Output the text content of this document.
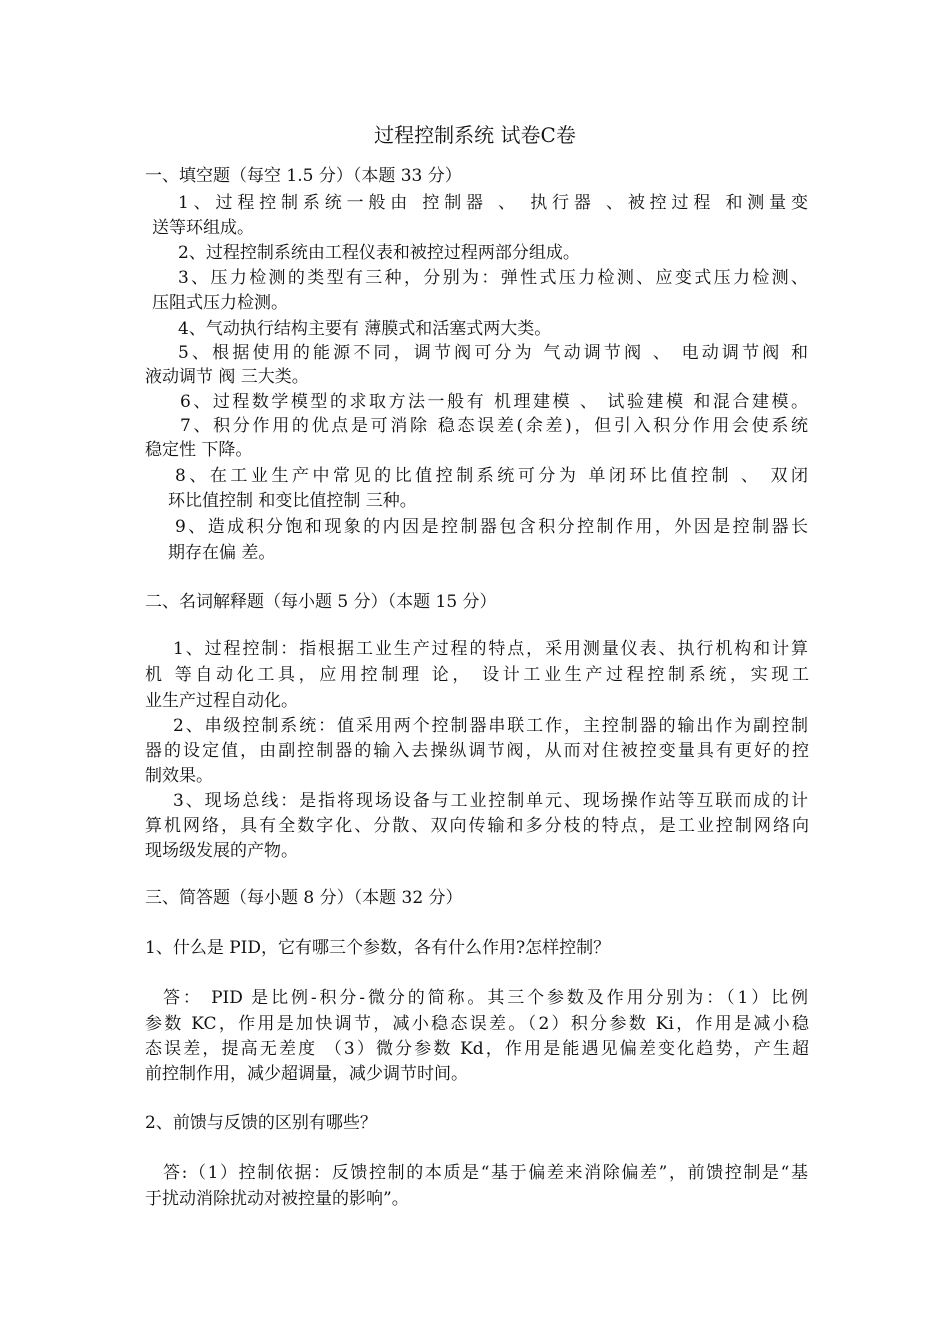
过程控制系统 试卷C卷
一、填空题（每空 1.5 分）（本题 33 分）
1、过程控制系统一般由 控制器 、 执行器 、被控过程 和测量变
送等环组成。
2、过程控制系统由工程仪表和被控过程两部分组成。
3、压力检测的类型有三种，分别为：弹性式压力检测、应变式压力检测、
压阻式压力检测。
4、气动执行结构主要有 薄膜式和活塞式两大类。
5、根据使用的能源不同，调节阀可分为 气动调节阀 、 电动调节阀 和
液动调节 阀 三大类。
6、过程数学模型的求取方法一般有 机理建模 、 试验建模 和混合建模。
7、积分作用的优点是可消除 稳态误差(余差)，但引入积分作用会使系统
稳定性 下降。
8、在工业生产中常见的比值控制系统可分为 单闭环比值控制 、 双闭
环比值控制 和变比值控制 三种。
9、造成积分饱和现象的内因是控制器包含积分控制作用，外因是控制器长
期存在偏 差。
二、名词解释题（每小题 5 分）（本题 15 分）
1、过程控制：指根据工业生产过程的特点，采用测量仪表、执行机构和计算
机 等自动化工具，应用控制理 论， 设计工业生产过程控制系统，实现工
业生产过程自动化。
2、串级控制系统：值采用两个控制器串联工作，主控制器的输出作为副控制
器的设定值，由副控制器的输入去操纵调节阀，从而对住被控变量具有更好的控
制效果。
3、现场总线：是指将现场设备与工业控制单元、现场操作站等互联而成的计
算机网络，具有全数字化、分散、双向传输和多分枝的特点，是工业控制网络向
现场级发展的产物。
三、简答题（每小题 8 分）（本题 32 分）
1、什么是 PID，它有哪三个参数，各有什么作用?怎样控制？
答： PID 是比例-积分-微分的简称。其三个参数及作用分别为：（1）比例
参数 KC，作用是加快调节，减小稳态误差。（2）积分参数 Ki，作用是减小稳
态误差，提高无差度 （3）微分参数 Kd，作用是能遇见偏差变化趋势，产生超
前控制作用，减少超调量，减少调节时间。
2、前馈与反馈的区别有哪些？
答:（1）控制依据：反馈控制的本质是“基于偏差来消除偏差”，前馈控制是“基
于扰动消除扰动对被控量的影响”。
